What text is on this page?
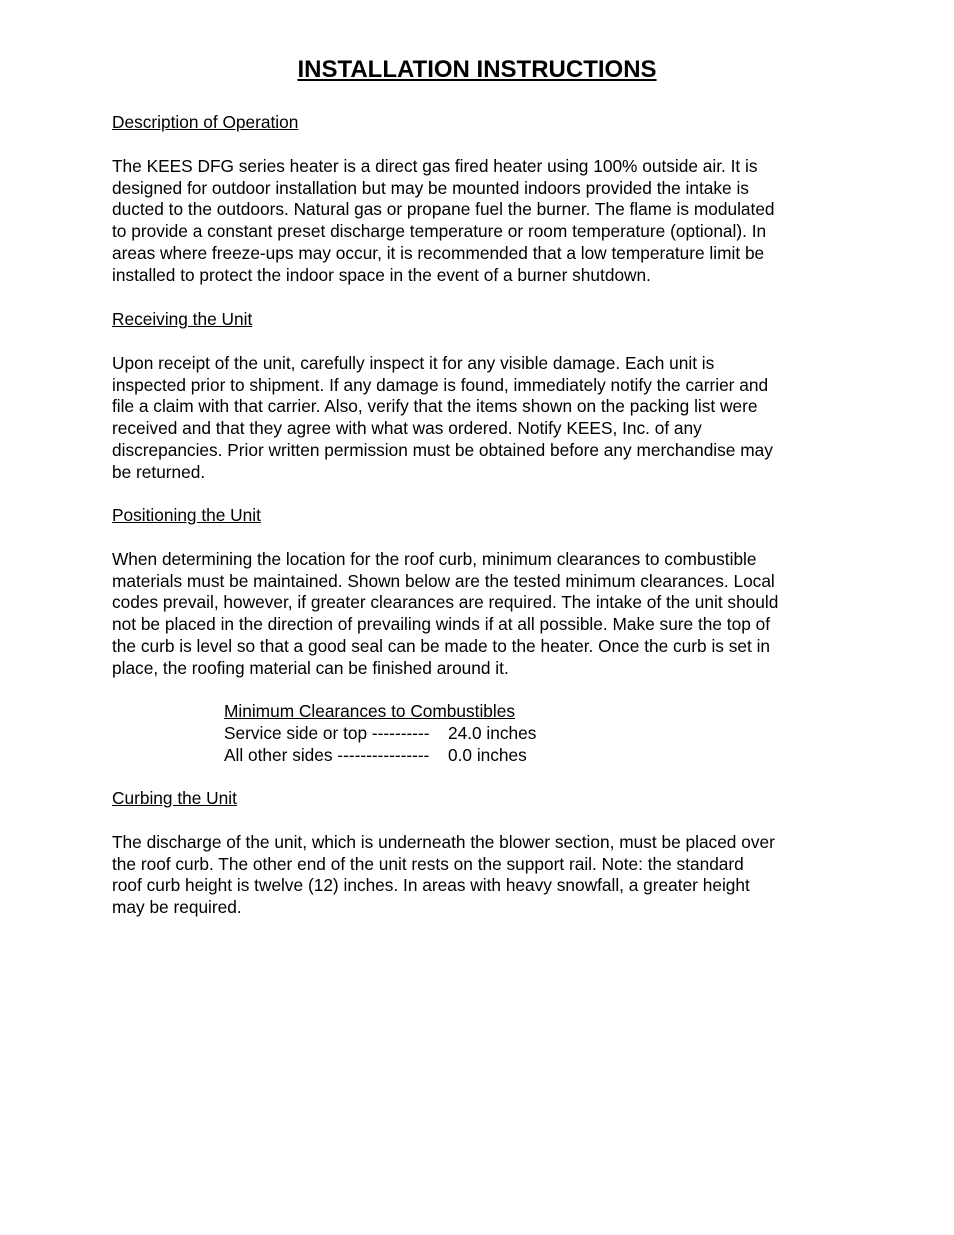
INSTALLATION INSTRUCTIONS
Description of Operation

The KEES DFG series heater is a direct gas fired heater using 100% outside air. It is

designed for outdoor installation but may be mounted indoors provided the intake is

ducted to the outdoors. Natural gas or propane fuel the burner. The flame is modulated

to provide a constant preset discharge temperature or room temperature (optional). In

areas where freeze-ups may occur, it is recommended that a low temperature limit be

installed to protect the indoor space in the event of a burner shutdown.

Receiving the Unit

Upon receipt of the unit, carefully inspect it for any visible damage. Each unit is

inspected prior to shipment. If any damage is found, immediately notify the carrier and

file a claim with that carrier. Also, verify that the items shown on the packing list were

received and that they agree with what was ordered. Notify KEES, Inc. of any

discrepancies. Prior written permission must be obtained before any merchandise may

be returned.

Positioning the Unit

When determining the location for the roof curb, minimum clearances to combustible

materials must be maintained. Shown below are the tested minimum clearances. Local

codes prevail, however, if greater clearances are required. The intake of the unit should

not be placed in the direction of prevailing winds if at all possible. Make sure the top of

the curb is level so that a good seal can be made to the heater. Once the curb is set in

place, the roofing material can be finished around it.

Minimum Clearances to Combustibles
Service side or top ----------	24.0 inches
All other sides ----------------	0.0 inches
Curbing the Unit

The discharge of the unit, which is underneath the blower section, must be placed over

the roof curb. The other end of the unit rests on the support rail. Note: the standard

roof curb height is twelve (12) inches. In areas with heavy snowfall, a greater height

may be required.
